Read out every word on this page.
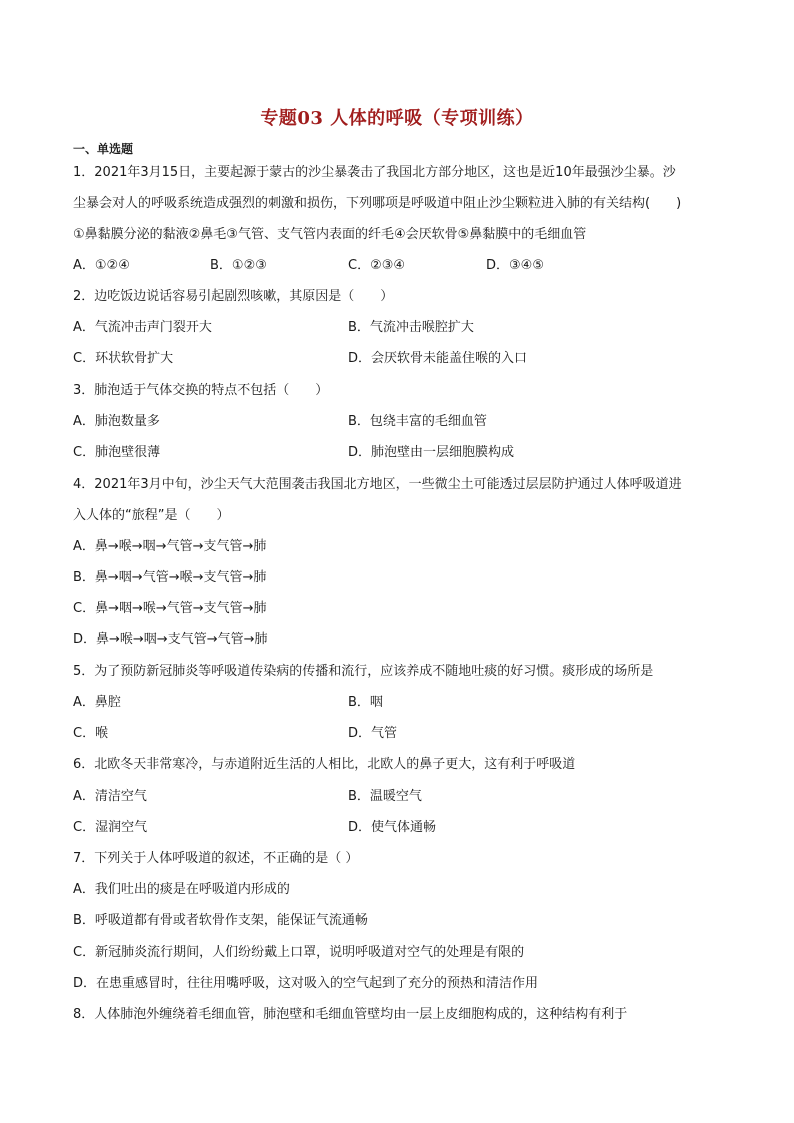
专题03 人体的呼吸（专项训练）
一、单选题
1．2021年3月15日，主要起源于蒙古的沙尘暴袭击了我国北方部分地区，这也是近10年最强沙尘暴。沙
尘暴会对人的呼吸系统造成强烈的刺激和损伤，下列哪项是呼吸道中阻止沙尘颗粒进入肺的有关结构(　　)
①鼻黏膜分泌的黏液②鼻毛③气管、支气管内表面的纤毛④会厌软骨⑤鼻黏膜中的毛细血管
A．①②④	B．①②③	C．②③④	D．③④⑤
2．边吃饭边说话容易引起剧烈咳嗽，其原因是（　　）
A．气流冲击声门裂开大	B．气流冲击喉腔扩大
C．环状软骨扩大	D．会厌软骨未能盖住喉的入口
3．肺泡适于气体交换的特点不包括（　　）
A．肺泡数量多	B．包绕丰富的毛细血管
C．肺泡壁很薄	D．肺泡壁由一层细胞膜构成
4．2021年3月中旬，沙尘天气大范围袭击我国北方地区，一些微尘土可能透过层层防护通过人体呼吸道进
入人体的“旅程”是（　　）
A．鼻→喉→咽→气管→支气管→肺
B．鼻→咽→气管→喉→支气管→肺
C．鼻→咽→喉→气管→支气管→肺
D．鼻→喉→咽→支气管→气管→肺
5．为了预防新冠肺炎等呼吸道传染病的传播和流行，应该养成不随地吐痰的好习惯。痰形成的场所是
A．鼻腔	B．咽
C．喉	D．气管
6．北欧冬天非常寒冷，与赤道附近生活的人相比，北欧人的鼻子更大，这有利于呼吸道
A．清洁空气	B．温暖空气
C．湿润空气	D．使气体通畅
7．下列关于人体呼吸道的叙述，不正确的是（ ）
A．我们吐出的痰是在呼吸道内形成的
B．呼吸道都有骨或者软骨作支架，能保证气流通畅
C．新冠肺炎流行期间，人们纷纷戴上口罩，说明呼吸道对空气的处理是有限的
D．在患重感冒时，往往用嘴呼吸，这对吸入的空气起到了充分的预热和清洁作用
8．人体肺泡外缠绕着毛细血管，肺泡壁和毛细血管壁均由一层上皮细胞构成的，这种结构有利于
